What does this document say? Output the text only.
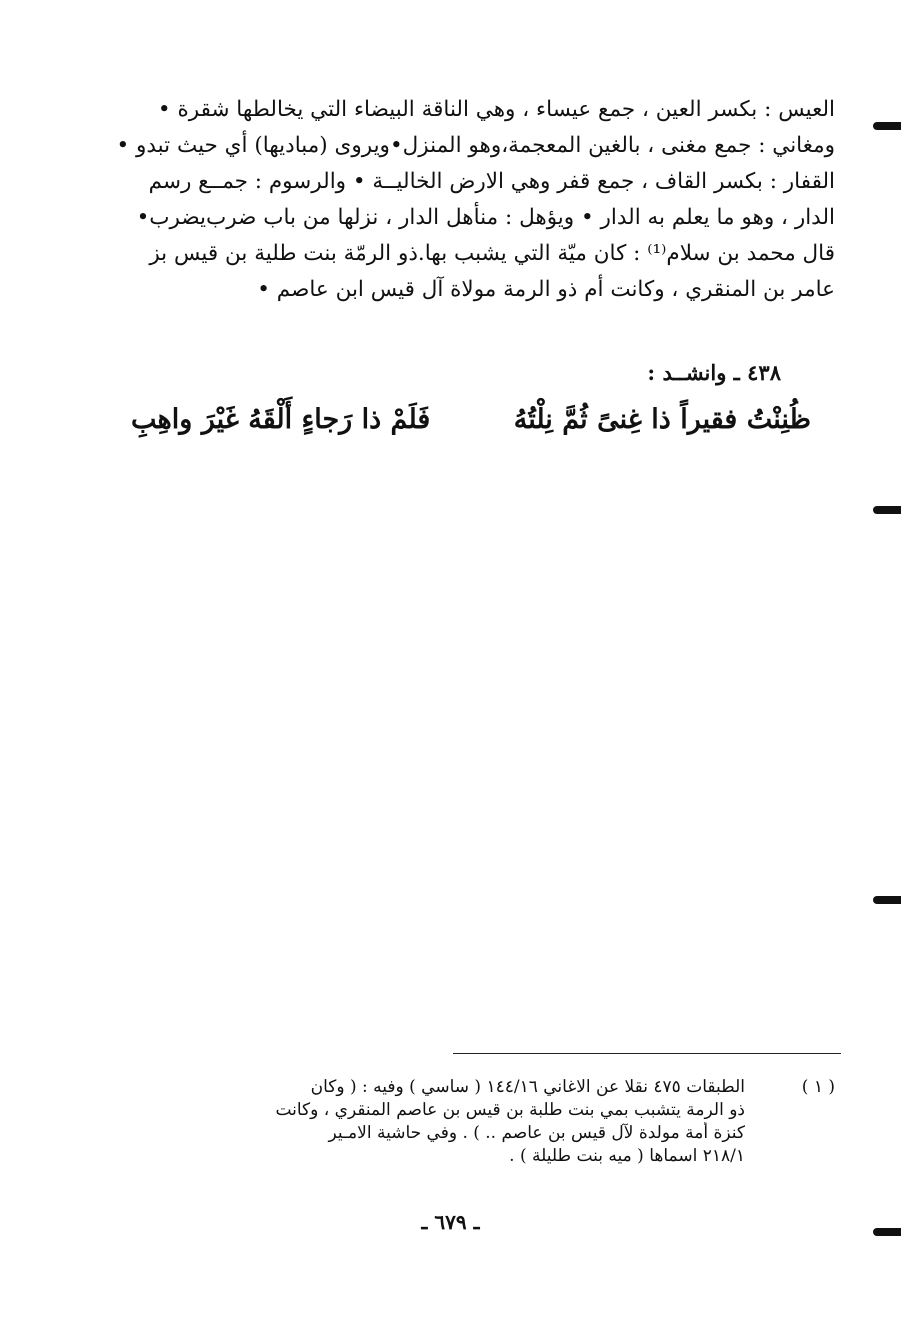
العيس : بكسر العين ، جمع عيساء ، وهي الناقة البيضاء التي يخالطها شقرة •
ومغاني : جمع مغنى ، بالغين المعجمة،وهو المنزل•ويروى (مباديها) أي حيث تبدو •
القفار : بكسر القاف ، جمع قفر وهي الارض الخاليــة • والرسوم : جمــع رسم
الدار ، وهو ما يعلم به الدار • ويؤهل : منأهل الدار ، نزلها من باب ضرب‌يضرب•
قال محمد بن سلام⁽¹⁾ : كان ميّة التي يشبب بها.ذو الرمّة بنت طلية بن قيس بز
عامر بن المنقري ، وكانت أم ذو الرمة مولاة آل قيس ابن عاصم •
٤٣٨ ـ وانشــد :
ظُنِنْتُ فقيراً ذا غِنىً ثُمَّ نِلْتُهُ
فَلَمْ ذا رَجاءٍ أَلْقَهُ غَيْرَ واهِبِ
( ١ )
الطبقات ٤٧٥ نقلا عن الاغاني ١٤٤/١٦ ( ساسي ) وفيه : ( وكان
ذو الرمة يتشبب بمي بنت طلبة بن قيس بن عاصم المنقري ، وكانت
كنزة أمة مولدة لآل قيس بن عاصم .. ) . وفي حاشية الامـير
٢١٨/١ اسماها ( ميه بنت طليلة ) .
ـ ٦٧٩ ـ
